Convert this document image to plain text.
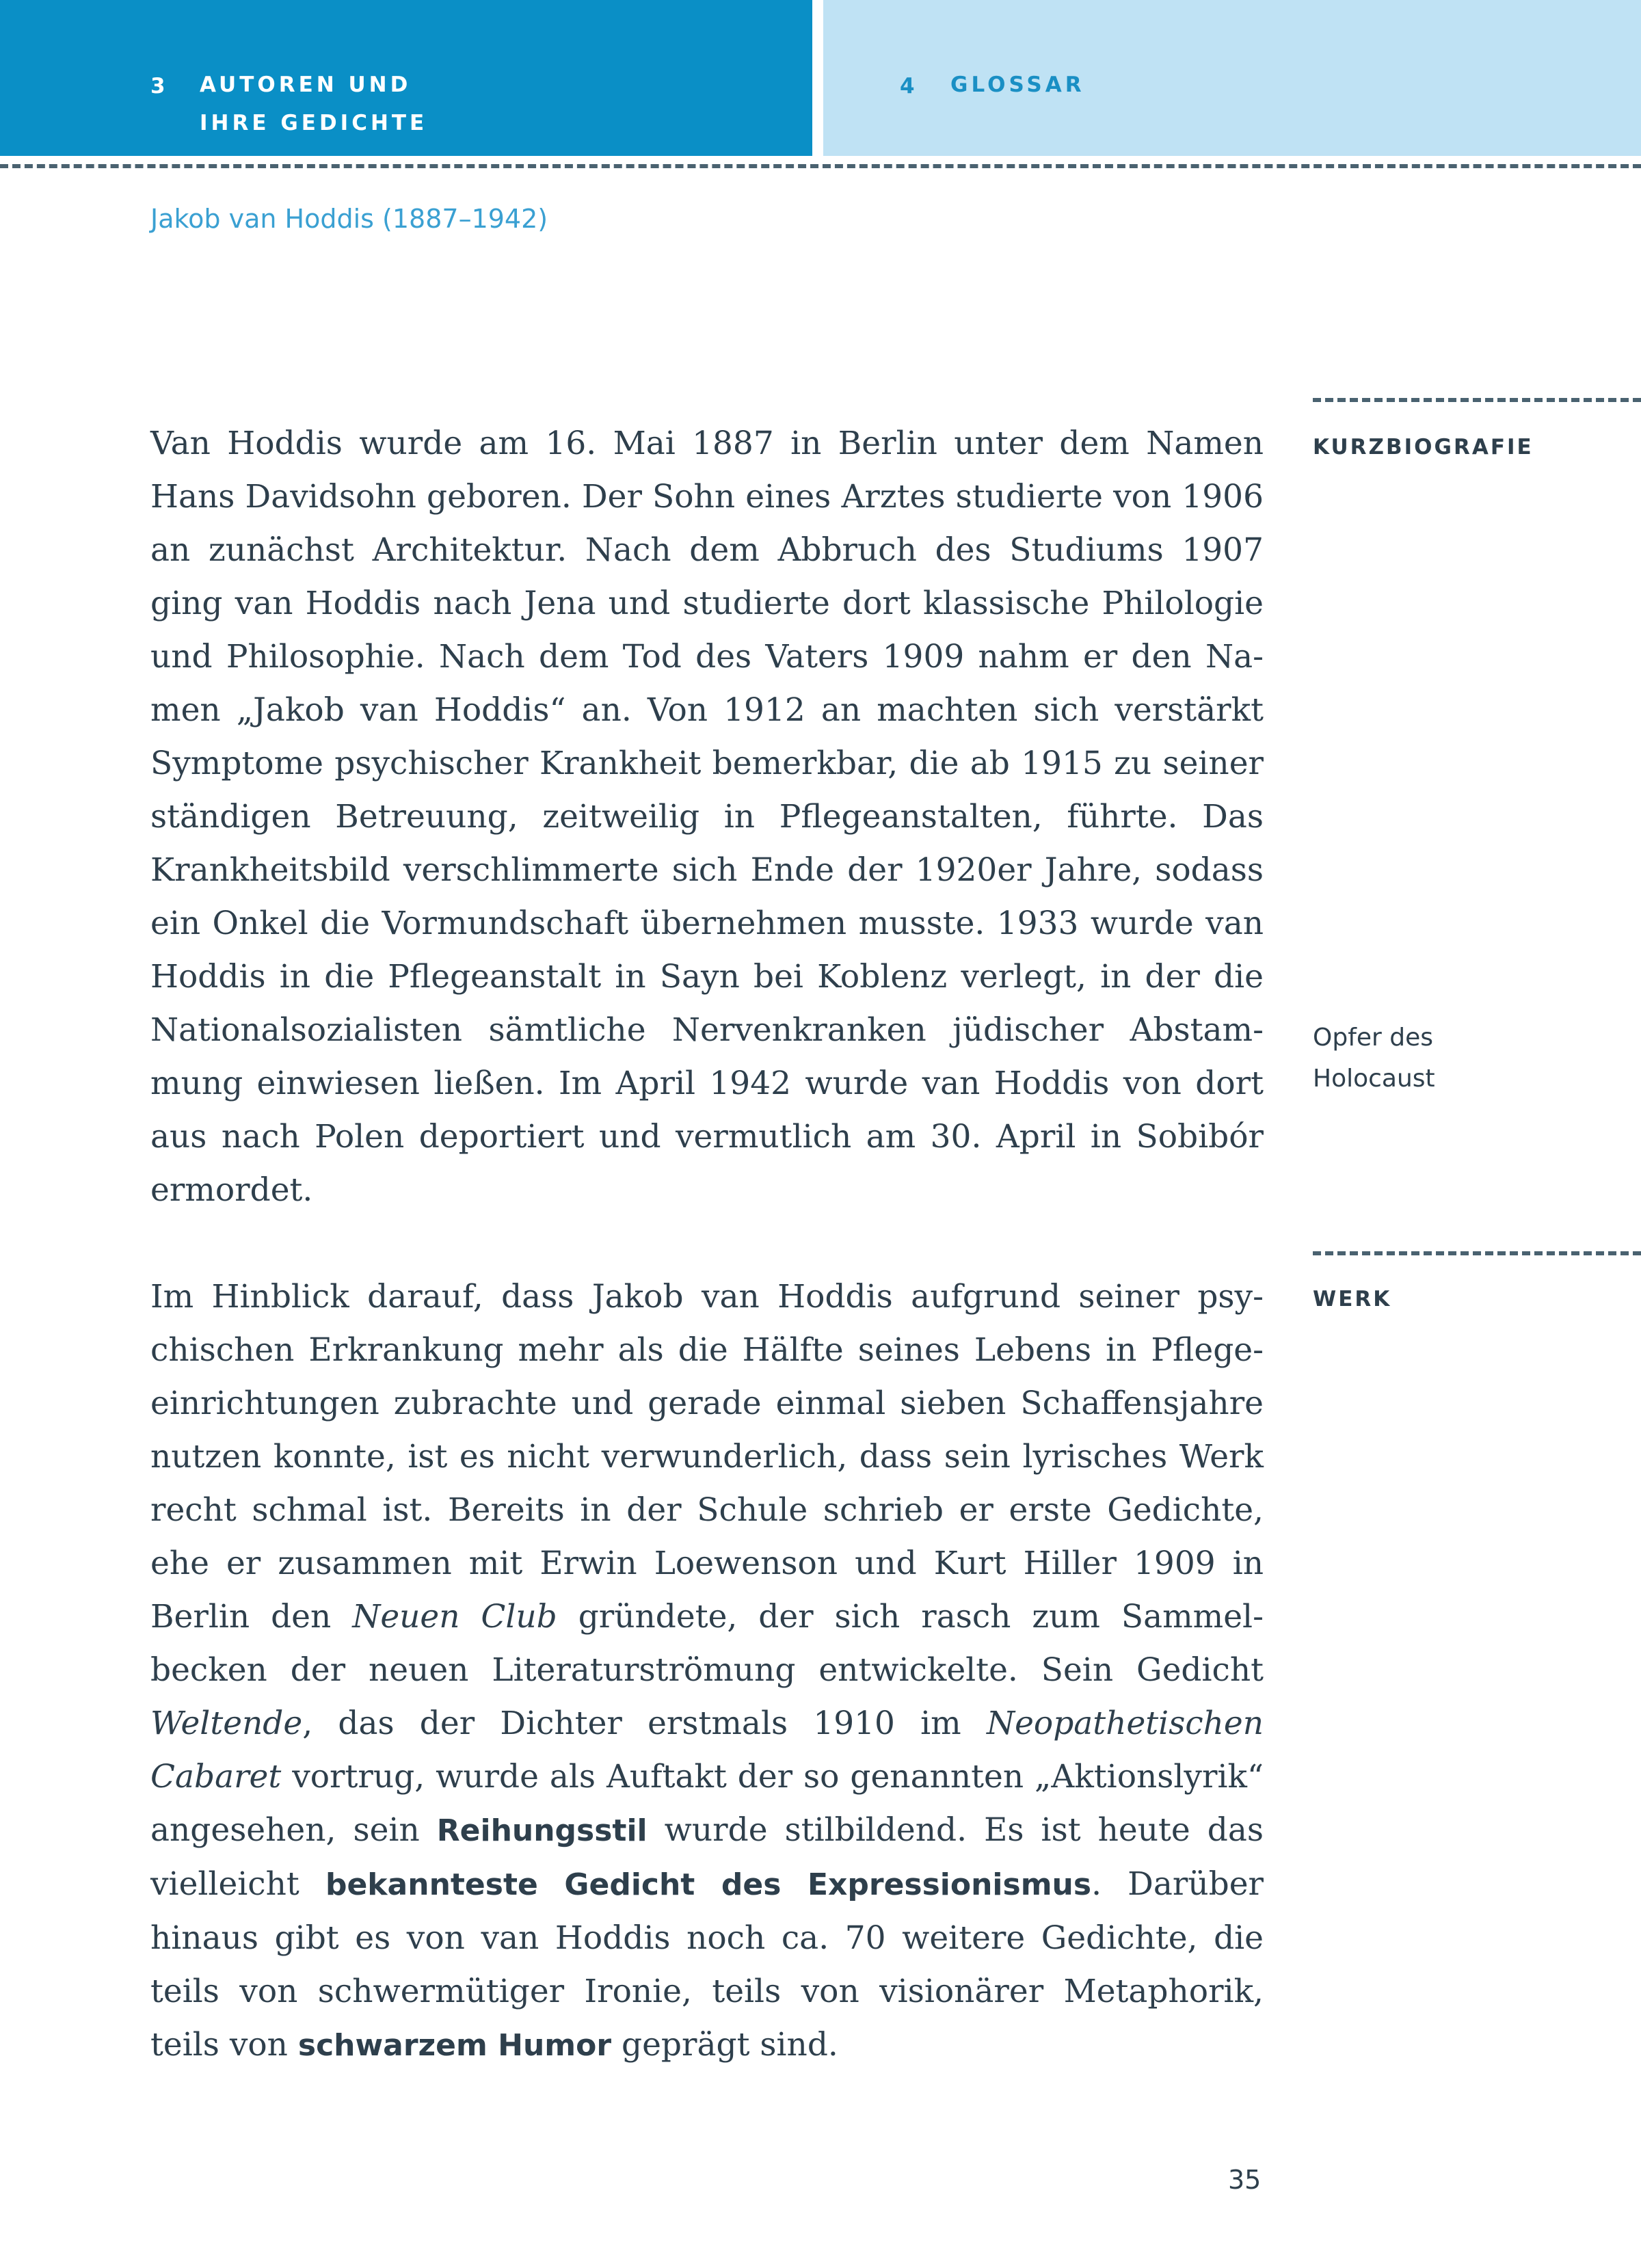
3 AUTOREN UND
IHRE GEDICHTE
4 GLOSSAR
Jakob van Hoddis (1887–1942)

Van Hoddis wurde am 16. Mai 1887 in Berlin unter dem Namen Hans Davidsohn geboren. Der Sohn eines Arztes studierte von 1906 an zunächst Architektur. Nach dem Abbruch des Studiums 1907 ging van Hoddis nach Jena und studierte dort klassische Philologie und Philosophie. Nach dem Tod des Vaters 1909 nahm er den Namen „Jakob van Hoddis“ an. Von 1912 an machten sich verstärkt Symptome psychischer Krankheit bemerkbar, die ab 1915 zu seiner ständigen Betreuung, zeitweilig in Pflegeanstalten, führte. Das Krankheitsbild verschlimmerte sich Ende der 1920er Jahre, sodass ein Onkel die Vormundschaft übernehmen musste. 1933 wurde van Hoddis in die Pflegeanstalt in Sayn bei Koblenz verlegt, in der die Nationalsozialisten sämtliche Nervenkranken jüdischer Abstammung einwiesen ließen. Im April 1942 wurde van Hoddis von dort aus nach Polen deportiert und vermutlich am 30. April in Sobibór ermordet.

Im Hinblick darauf, dass Jakob van Hoddis aufgrund seiner psychischen Erkrankung mehr als die Hälfte seines Lebens in Pflegeeinrichtungen zubrachte und gerade einmal sieben Schaffensjahre nutzen konnte, ist es nicht verwunderlich, dass sein lyrisches Werk recht schmal ist. Bereits in der Schule schrieb er erste Gedichte, ehe er zusammen mit Erwin Loewenson und Kurt Hiller 1909 in Berlin den Neuen Club gründete, der sich rasch zum Sammelbecken der neuen Literaturströmung entwickelte. Sein Gedicht Weltende, das der Dichter erstmals 1910 im Neopathetischen Cabaret vortrug, wurde als Auftakt der so genannten „Aktionslyrik“ angesehen, sein Reihungsstil wurde stilbildend. Es ist heute das vielleicht bekannteste Gedicht des Expressionismus. Darüber hinaus gibt es von van Hoddis noch ca. 70 weitere Gedichte, die teils von schwermütiger Ironie, teils von visionärer Metaphorik, teils von schwarzem Humor geprägt sind.

KURZBIOGRAFIE
Opfer des
Holocaust
WERK
35
